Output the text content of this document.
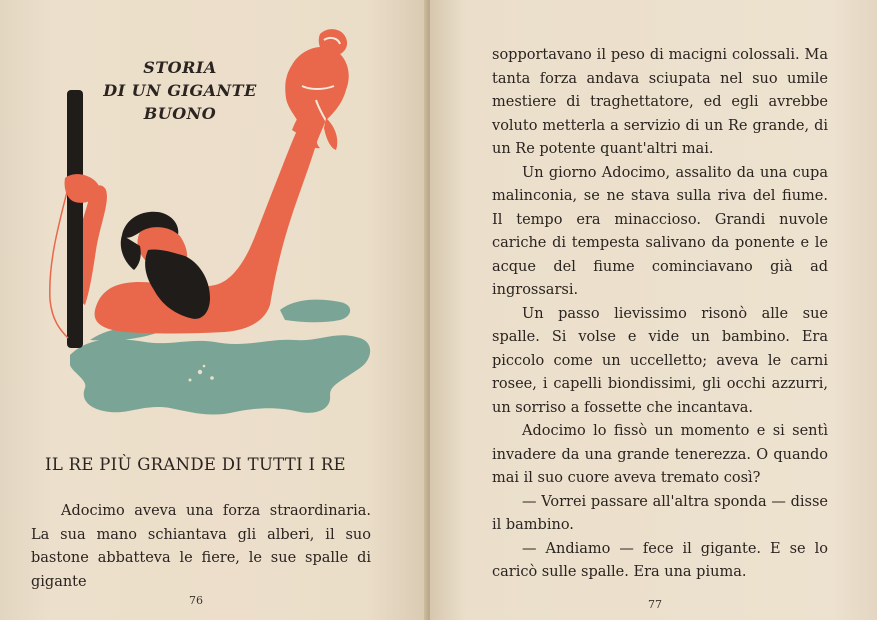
STORIA
DI UN GIGANTE
BUONO
IL RE PIÙ GRANDE DI TUTTI I RE

Adocimo aveva una forza straordinaria. La sua mano schiantava gli alberi, il suo bastone abbatteva le fiere, le sue spalle di gigante

76

sopportavano il peso di macigni colossali. Ma tanta forza andava sciupata nel suo umile mestiere di traghettatore, ed egli avrebbe voluto metterla a servizio di un Re grande, di un Re potente quant'altri mai.

Un giorno Adocimo, assalito da una cupa malinconia, se ne stava sulla riva del fiume. Il tempo era minaccioso. Grandi nuvole cariche di tempesta salivano da ponente e le acque del fiume cominciavano già ad ingrossarsi.

Un passo lievissimo risonò alle sue spalle. Si volse e vide un bambino. Era piccolo come un uccelletto; aveva le carni rosee, i capelli biondissimi, gli occhi azzurri, un sorriso a fossette che incantava.

Adocimo lo fissò un momento e si sentì invadere da una grande tenerezza. O quando mai il suo cuore aveva tremato così?

— Vorrei passare all'altra sponda — disse il bambino.

— Andiamo — fece il gigante. E se lo caricò sulle spalle. Era una piuma.

77
